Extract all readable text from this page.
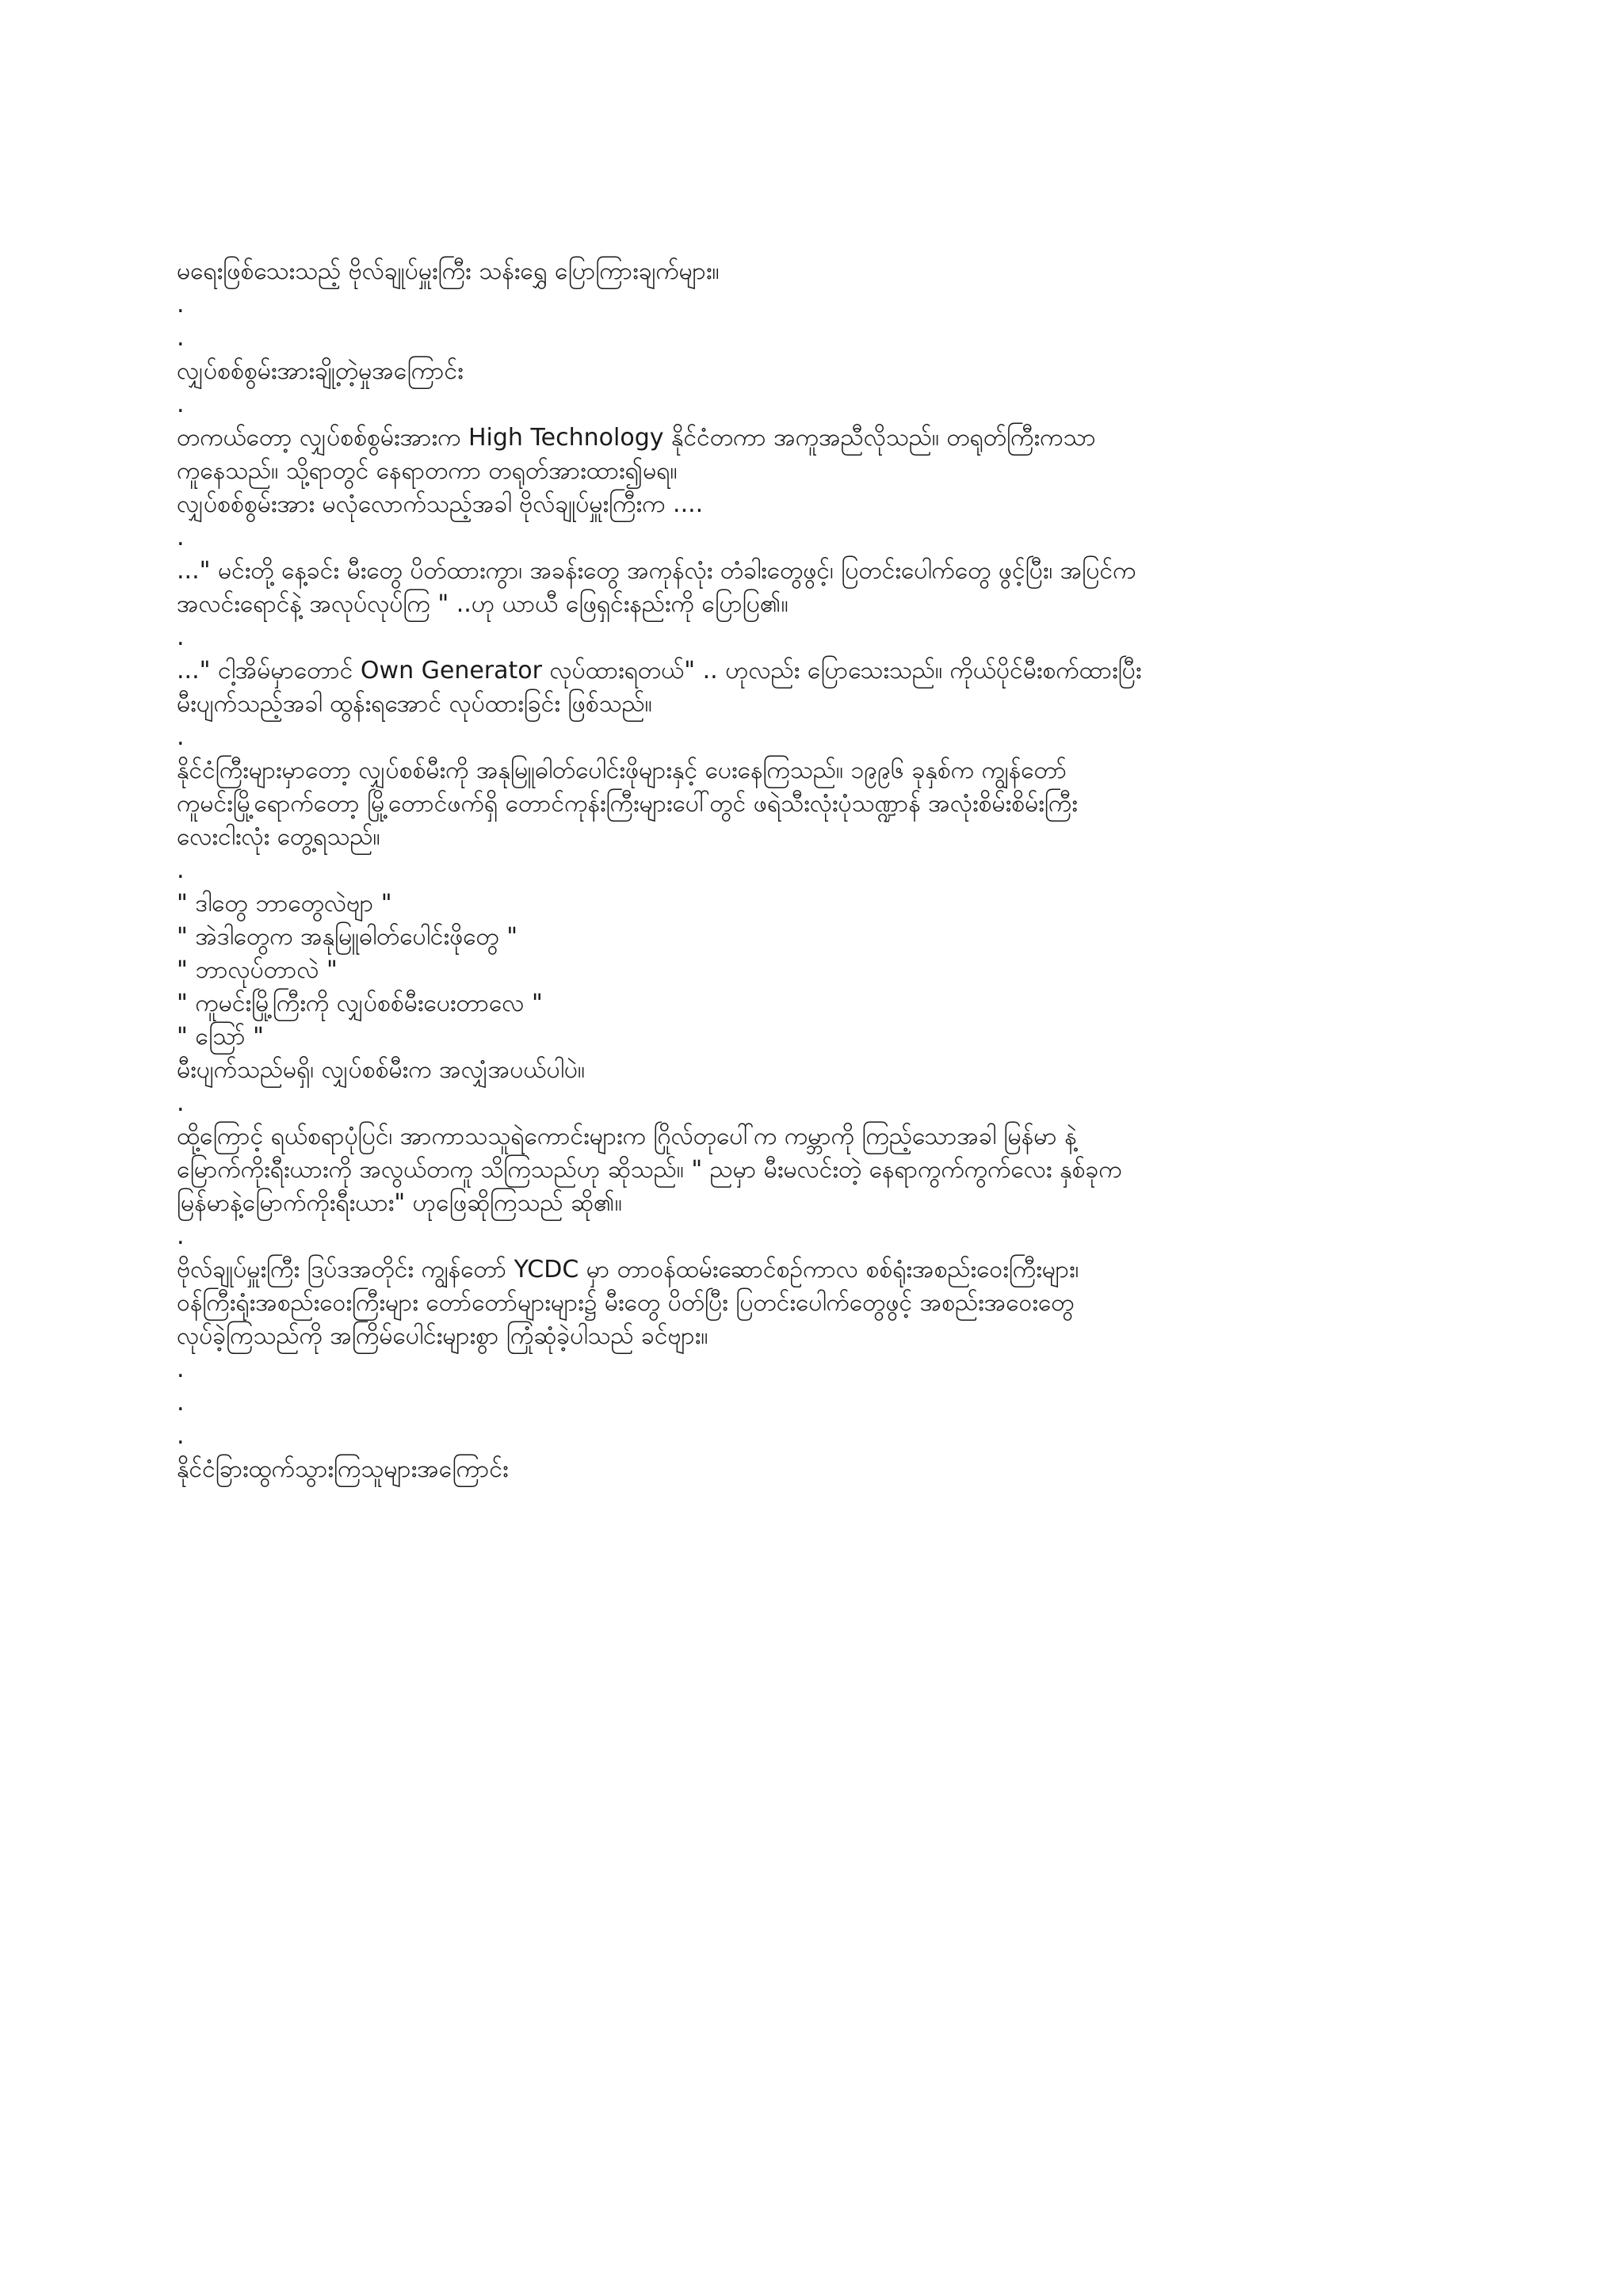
မရေးဖြစ်သေးသည့် ဗိုလ်ချုပ်မှူးကြီး သန်းရွှေ ပြောကြားချက်များ။
.
.
လျှပ်စစ်စွမ်းအားချို့တဲ့မှုအကြောင်း
.
တကယ်တော့ လျှပ်စစ်စွမ်းအားက High Technology နိုင်ငံတကာ အကူအညီလိုသည်။ တရုတ်ကြီးကသာ
ကူနေသည်။ သို့ရာတွင် နေရာတကာ တရုတ်အားထား၍မရ။
လျှပ်စစ်စွမ်းအား မလုံလောက်သည့်အခါ ဗိုလ်ချုပ်မှူးကြီးက ....
.
..." မင်းတို့ နေ့ခင်း မီးတွေ ပိတ်ထားကွာ၊ အခန်းတွေ အကုန်လုံး တံခါးတွေဖွင့်၊ ပြတင်းပေါက်တွေ ဖွင့်ပြီး၊ အပြင်က
အလင်းရောင်နဲ့ အလုပ်လုပ်ကြ " ..ဟု ယာယီ ဖြေရှင်းနည်းကို ပြောပြ၏။
.
..." ငါ့အိမ်မှာတောင် Own Generator လုပ်ထားရတယ်" .. ဟုလည်း ပြောသေးသည်။ ကိုယ်ပိုင်မီးစက်ထားပြီး
မီးပျက်သည့်အခါ ထွန်းရအောင် လုပ်ထားခြင်း ဖြစ်သည်။
.
နိုင်ငံကြီးများမှာတော့ လျှပ်စစ်မီးကို အနုမြူဓါတ်ပေါင်းဖိုများနှင့် ပေးနေကြသည်။ ၁၉၉၆ ခုနှစ်က ကျွန်တော်
ကူမင်းမြို့ရောက်တော့ မြို့တောင်ဖက်ရှိ တောင်ကုန်းကြီးများပေါ်တွင် ဖရဲသီးလုံးပုံသဏ္ဍာန် အလုံးစိမ်းစိမ်းကြီး
လေးငါးလုံး တွေ့ရသည်။
.
" ဒါတွေ ဘာတွေလဲဗျာ "
" အဲဒါတွေက အနုမြူဓါတ်ပေါင်းဖိုတွေ "
" ဘာလုပ်တာလဲ "
" ကူမင်းမြို့ကြီးကို လျှပ်စစ်မီးပေးတာလေ "
" သြော် "
မီးပျက်သည်မရှိ၊ လျှပ်စစ်မီးက အလျှံအပယ်ပါပဲ။
.
ထို့ကြောင့် ရယ်စရာပုံပြင်၊ အာကာသသူရဲကောင်းများက ဂြိုလ်တုပေါ်က ကမ္ဘာကို ကြည့်သောအခါ မြန်မာ နဲ့
မြောက်ကိုးရီးယားကို အလွယ်တကူ သိကြသည်ဟု ဆိုသည်။ " ညမှာ မီးမလင်းတဲ့ နေရာကွက်ကွက်လေး နှစ်ခုက
မြန်မာနဲ့မြောက်ကိုးရီးယား" ဟုဖြေဆိုကြသည် ဆို၏။
.
ဗိုလ်ချုပ်မှူးကြီး ဒြပ်ဒအတိုင်း ကျွန်တော် YCDC မှာ တာဝန်ထမ်းဆောင်စဉ်ကာလ စစ်ရုံးအစည်းဝေးကြီးများ၊
ဝန်ကြီးရုံးအစည်းဝေးကြီးများ တော်တော်များများ၌ မီးတွေ ပိတ်ပြီး ပြတင်းပေါက်တွေဖွင့် အစည်းအဝေးတွေ
လုပ်ခဲ့ကြသည်ကို အကြိမ်ပေါင်းများစွာ ကြုံဆုံခဲ့ပါသည် ခင်ဗျား။
.
.
.
နိုင်ငံခြားထွက်သွားကြသူများအကြောင်း
